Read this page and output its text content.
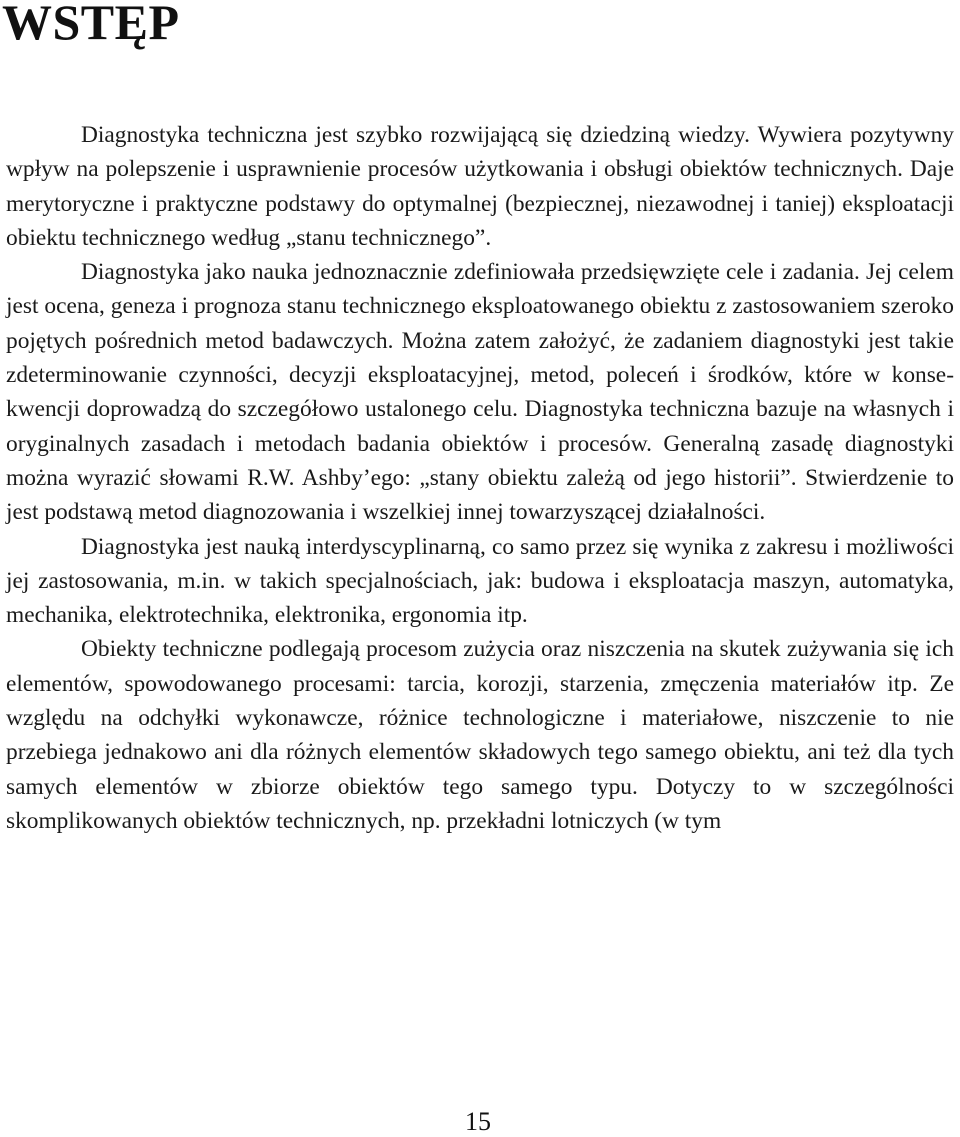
WSTĘP

Diagnostyka techniczna jest szybko rozwijającą się dziedziną wiedzy. Wywiera pozytywny wpływ na polepszenie i usprawnienie procesów użytkowania i obsługi obiektów technicznych. Daje merytoryczne i praktyczne podstawy do optymalnej (bezpiecznej, niezawodnej i taniej) eksploatacji obiektu technicznego według „stanu technicznego”.

Diagnostyka jako nauka jednoznacznie zdefiniowała przedsięwzięte cele i zadania. Jej celem jest ocena, geneza i prognoza stanu technicznego eksploatowanego obiektu z zastosowaniem szeroko pojętych pośrednich metod badawczych. Można zatem założyć, że zadaniem diagnostyki jest takie zdeterminowanie czynności, decyzji eksploatacyjnej, metod, poleceń i środków, które w konsekwencji doprowadzą do szczegółowo ustalonego celu. Diagnostyka techniczna bazuje na własnych i oryginalnych zasadach i metodach badania obiektów i procesów. Generalną zasadę diagnostyki można wyrazić słowami R.W. Ashby’ego: „stany obiektu zależą od jego historii”. Stwierdzenie to jest podstawą metod diagnozowania i wszelkiej innej towarzyszącej działalności.

Diagnostyka jest nauką interdyscyplinarną, co samo przez się wynika z zakresu i możliwości jej zastosowania, m.in. w takich specjalnościach, jak: budowa i eksploatacja maszyn, automatyka, mechanika, elektrotechnika, elektronika, ergonomia itp.

Obiekty techniczne podlegają procesom zużycia oraz niszczenia na skutek zużywania się ich elementów, spowodowanego procesami: tarcia, korozji, starzenia, zmęczenia materiałów itp. Ze względu na odchyłki wykonawcze, różnice technologiczne i materiałowe, niszczenie to nie przebiega jednakowo ani dla różnych elementów składowych tego samego obiektu, ani też dla tych samych elementów w zbiorze obiektów tego samego typu. Dotyczy to w szczególności skomplikowanych obiektów technicznych, np. przekładni lotniczych (w tym

15
